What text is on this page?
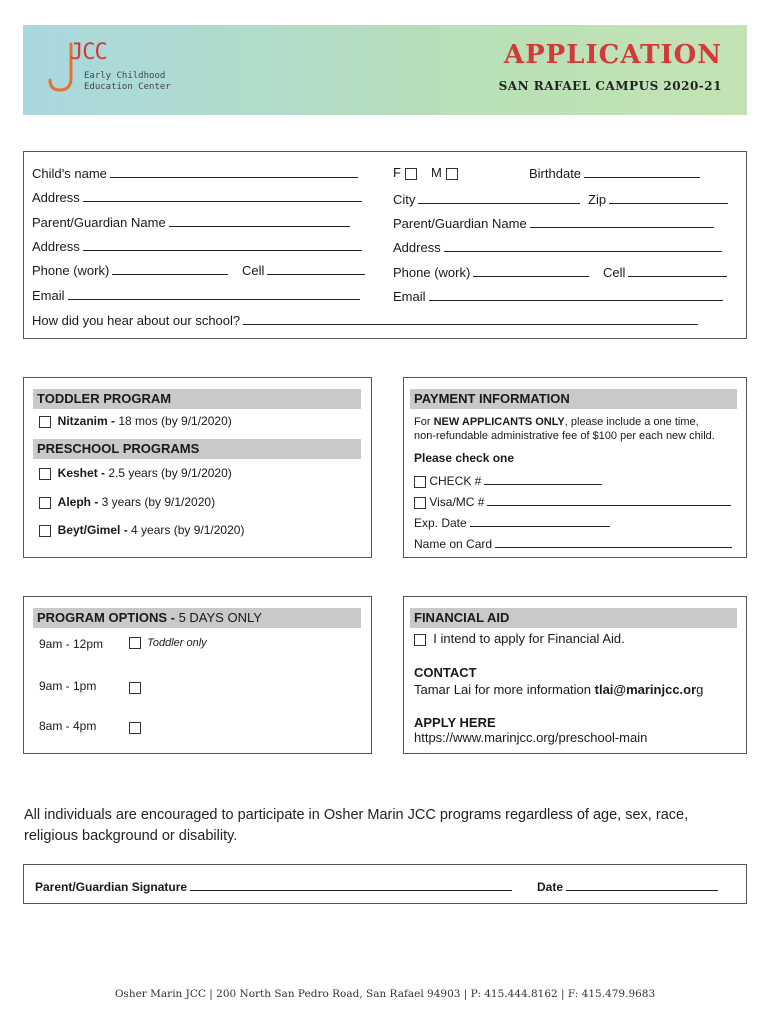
JCC
Early Childhood
Education Center
APPLICATION
SAN RAFAEL CAMPUS 2020-21
Child’s name	F M	Birthdate
Address	City	Zip
Parent/Guardian Name	Parent/Guardian Name
Address	Address
Phone (work)	Cell	Phone (work)	Cell
Email	Email
How did you hear about our school?
TODDLER PROGRAM
Nitzanim - 18 mos (by 9/1/2020)
PRESCHOOL PROGRAMS
Keshet - 2.5 years (by 9/1/2020)
Aleph - 3 years (by 9/1/2020)
Beyt/Gimel - 4 years (by 9/1/2020)
PAYMENT INFORMATION
For NEW APPLICANTS ONLY, please include a one time,
non-refundable administrative fee of $100 per each new child.
Please check one
CHECK #
Visa/MC #
Exp. Date
Name on Card
PROGRAM OPTIONS - 5 DAYS ONLY
9am - 12pm	Toddler only
9am - 1pm
8am - 4pm
FINANCIAL AID
I intend to apply for Financial Aid.
CONTACT
Tamar Lai for more information tlai@marinjcc.org
APPLY HERE
https://www.marinjcc.org/preschool-main
All individuals are encouraged to participate in Osher Marin JCC programs regardless of age, sex, race, religious background or disability.
Parent/Guardian Signature	Date
Osher Marin JCC | 200 North San Pedro Road, San Rafael 94903 | P: 415.444.8162 | F: 415.479.9683
